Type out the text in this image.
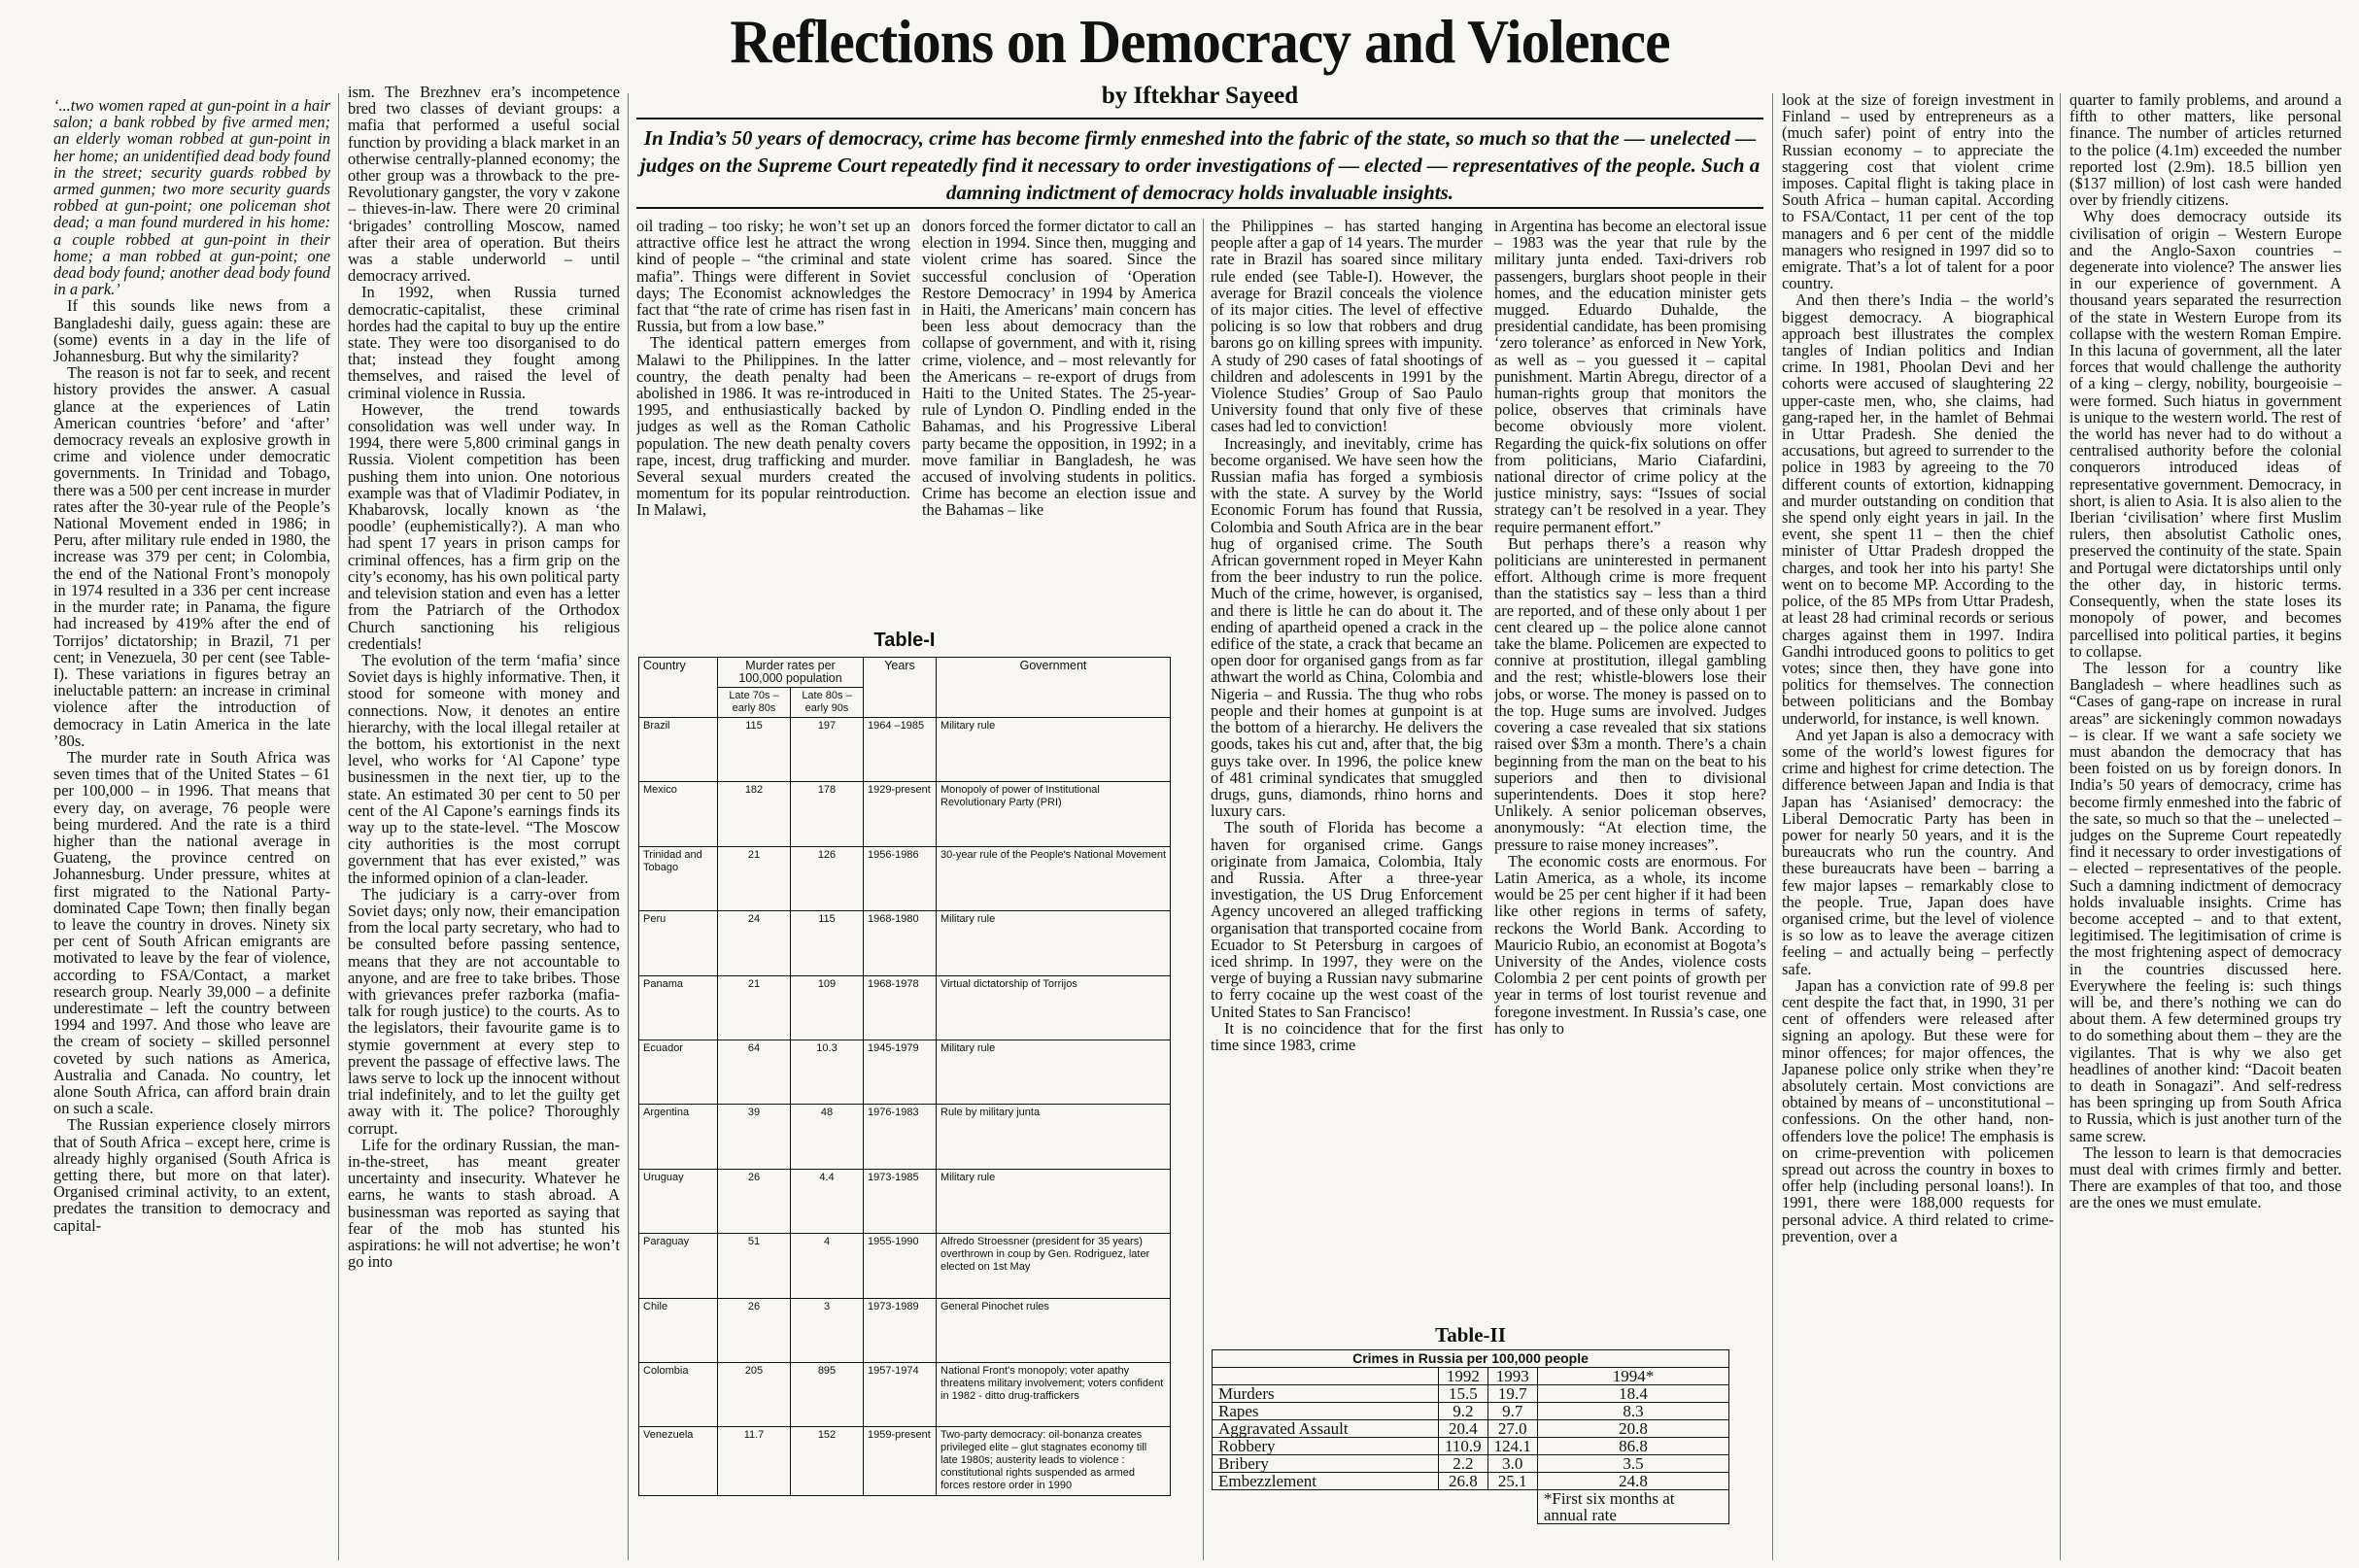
Reflections on Democracy and Violence
by Iftekhar Sayeed
In India’s 50 years of democracy, crime has become firmly enmeshed into the fabric of the state, so much so that the — unelected — judges on the Supreme Court repeatedly find it necessary to order investigations of — elected — representatives of the people. Such a damning indictment of democracy holds invaluable insights.

‘...two women raped at gun-point in a hair salon; a bank robbed by five armed men; an elderly woman robbed at gun-point in her home; an unidentified dead body found in the street; security guards robbed by armed gunmen; two more security guards robbed at gun-point; one policeman shot dead; a man found murdered in his home: a couple robbed at gun-point in their home; a man robbed at gun-point; one dead body found; another dead body found in a park.’

If this sounds like news from a Bangladeshi daily, guess again: these are (some) events in a day in the life of Johannesburg. But why the similarity?

The reason is not far to seek, and recent history provides the answer. A casual glance at the experiences of Latin American countries ‘before’ and ‘after’ democracy reveals an explosive growth in crime and violence under democratic governments. In Trinidad and Tobago, there was a 500 per cent increase in murder rates after the 30-year rule of the People’s National Movement ended in 1986; in Peru, after military rule ended in 1980, the increase was 379 per cent; in Colombia, the end of the National Front’s monopoly in 1974 resulted in a 336 per cent increase in the murder rate; in Panama, the figure had increased by 419% after the end of Torrijos’ dictatorship; in Brazil, 71 per cent; in Venezuela, 30 per cent (see Table-I). These variations in figures betray an ineluctable pattern: an increase in criminal violence after the introduction of democracy in Latin America in the late ’80s.

The murder rate in South Africa was seven times that of the United States – 61 per 100,000 – in 1996. That means that every day, on average, 76 people were being murdered. And the rate is a third higher than the national average in Guateng, the province centred on Johannesburg. Under pressure, whites at first migrated to the National Party-dominated Cape Town; then finally began to leave the country in droves. Ninety six per cent of South African emigrants are motivated to leave by the fear of violence, according to FSA/Contact, a market research group. Nearly 39,000 – a definite underestimate – left the country between 1994 and 1997. And those who leave are the cream of society – skilled personnel coveted by such nations as America, Australia and Canada. No country, let alone South Africa, can afford brain drain on such a scale.

The Russian experience closely mirrors that of South Africa – except here, crime is already highly organised (South Africa is getting there, but more on that later). Organised criminal activity, to an extent, predates the transition to democracy and capital-

ism. The Brezhnev era’s incompetence bred two classes of deviant groups: a mafia that performed a useful social function by providing a black market in an otherwise centrally-planned economy; the other group was a throwback to the pre-Revolutionary gangster, the vory v zakone – thieves-in-law. There were 20 criminal ‘brigades’ controlling Moscow, named after their area of operation. But theirs was a stable underworld – until democracy arrived.

In 1992, when Russia turned democratic-capitalist, these criminal hordes had the capital to buy up the entire state. They were too disorganised to do that; instead they fought among themselves, and raised the level of criminal violence in Russia.

However, the trend towards consolidation was well under way. In 1994, there were 5,800 criminal gangs in Russia. Violent competition has been pushing them into union. One notorious example was that of Vladimir Podiatev, in Khabarovsk, locally known as ‘the poodle’ (euphemistically?). A man who had spent 17 years in prison camps for criminal offences, has a firm grip on the city’s economy, has his own political party and television station and even has a letter from the Patriarch of the Orthodox Church sanctioning his religious credentials!

The evolution of the term ‘mafia’ since Soviet days is highly informative. Then, it stood for someone with money and connections. Now, it denotes an entire hierarchy, with the local illegal retailer at the bottom, his extortionist in the next level, who works for ‘Al Capone’ type businessmen in the next tier, up to the state. An estimated 30 per cent to 50 per cent of the Al Capone’s earnings finds its way up to the state-level. “The Moscow city authorities is the most corrupt government that has ever existed,” was the informed opinion of a clan-leader.

The judiciary is a carry-over from Soviet days; only now, their emancipation from the local party secretary, who had to be consulted before passing sentence, means that they are not accountable to anyone, and are free to take bribes. Those with grievances prefer razborka (mafia-talk for rough justice) to the courts. As to the legislators, their favourite game is to stymie government at every step to prevent the passage of effective laws. The laws serve to lock up the innocent without trial indefinitely, and to let the guilty get away with it. The police? Thoroughly corrupt.

Life for the ordinary Russian, the man-in-the-street, has meant greater uncertainty and insecurity. Whatever he earns, he wants to stash abroad. A businessman was reported as saying that fear of the mob has stunted his aspirations: he will not advertise; he won’t go into

oil trading – too risky; he won’t set up an attractive office lest he attract the wrong kind of people – “the criminal and state mafia”. Things were different in Soviet days; The Economist acknowledges the fact that “the rate of crime has risen fast in Russia, but from a low base.”

The identical pattern emerges from Malawi to the Philippines. In the latter country, the death penalty had been abolished in 1986. It was re-introduced in 1995, and enthusiastically backed by judges as well as the Roman Catholic population. The new death penalty covers rape, incest, drug trafficking and murder. Several sexual murders created the momentum for its popular reintroduction. In Malawi,

donors forced the former dictator to call an election in 1994. Since then, mugging and violent crime has soared. Since the successful conclusion of ‘Operation Restore Democracy’ in 1994 by America in Haiti, the Americans’ main concern has been less about democracy than the collapse of government, and with it, rising crime, violence, and – most relevantly for the Americans – re-export of drugs from Haiti to the United States. The 25-year-rule of Lyndon O. Pindling ended in the Bahamas, and his Progressive Liberal party became the opposition, in 1992; in a move familiar in Bangladesh, he was accused of involving students in politics. Crime has become an election issue and the Bahamas – like

the Philippines – has started hanging people after a gap of 14 years. The murder rate in Brazil has soared since military rule ended (see Table-I). However, the average for Brazil conceals the violence of its major cities. The level of effective policing is so low that robbers and drug barons go on killing sprees with impunity. A study of 290 cases of fatal shootings of children and adolescents in 1991 by the Violence Studies’ Group of Sao Paulo University found that only five of these cases had led to conviction!

Increasingly, and inevitably, crime has become organised. We have seen how the Russian mafia has forged a symbiosis with the state. A survey by the World Economic Forum has found that Russia, Colombia and South Africa are in the bear hug of organised crime. The South African government roped in Meyer Kahn from the beer industry to run the police. Much of the crime, however, is organised, and there is little he can do about it. The ending of apartheid opened a crack in the edifice of the state, a crack that became an open door for organised gangs from as far athwart the world as China, Colombia and Nigeria – and Russia. The thug who robs people and their homes at gunpoint is at the bottom of a hierarchy. He delivers the goods, takes his cut and, after that, the big guys take over. In 1996, the police knew of 481 criminal syndicates that smuggled drugs, guns, diamonds, rhino horns and luxury cars.

The south of Florida has become a haven for organised crime. Gangs originate from Jamaica, Colombia, Italy and Russia. After a three-year investigation, the US Drug Enforcement Agency uncovered an alleged trafficking organisation that transported cocaine from Ecuador to St Petersburg in cargoes of iced shrimp. In 1997, they were on the verge of buying a Russian navy submarine to ferry cocaine up the west coast of the United States to San Francisco!

It is no coincidence that for the first time since 1983, crime

in Argentina has become an electoral issue – 1983 was the year that rule by the military junta ended. Taxi-drivers rob passengers, burglars shoot people in their homes, and the education minister gets mugged. Eduardo Duhalde, the presidential candidate, has been promising ‘zero tolerance’ as enforced in New York, as well as – you guessed it – capital punishment. Martin Abregu, director of a human-rights group that monitors the police, observes that criminals have become obviously more violent. Regarding the quick-fix solutions on offer from politicians, Mario Ciafardini, national director of crime policy at the justice ministry, says: “Issues of social strategy can’t be resolved in a year. They require permanent effort.”

But perhaps there’s a reason why politicians are uninterested in permanent effort. Although crime is more frequent than the statistics say – less than a third are reported, and of these only about 1 per cent cleared up – the police alone cannot take the blame. Policemen are expected to connive at prostitution, illegal gambling and the rest; whistle-blowers lose their jobs, or worse. The money is passed on to the top. Huge sums are involved. Judges covering a case revealed that six stations raised over $3m a month. There’s a chain beginning from the man on the beat to his superiors and then to divisional superintendents. Does it stop here? Unlikely. A senior policeman observes, anonymously: “At election time, the pressure to raise money increases”.

The economic costs are enormous. For Latin America, as a whole, its income would be 25 per cent higher if it had been like other regions in terms of safety, reckons the World Bank. According to Mauricio Rubio, an economist at Bogota’s University of the Andes, violence costs Colombia 2 per cent points of growth per year in terms of lost tourist revenue and foregone investment. In Russia’s case, one has only to

look at the size of foreign investment in Finland – used by entrepreneurs as a (much safer) point of entry into the Russian economy – to appreciate the staggering cost that violent crime imposes. Capital flight is taking place in South Africa – human capital. According to FSA/Contact, 11 per cent of the top managers and 6 per cent of the middle managers who resigned in 1997 did so to emigrate. That’s a lot of talent for a poor country.

And then there’s India – the world’s biggest democracy. A biographical approach best illustrates the complex tangles of Indian politics and Indian crime. In 1981, Phoolan Devi and her cohorts were accused of slaughtering 22 upper-caste men, who, she claims, had gang-raped her, in the hamlet of Behmai in Uttar Pradesh. She denied the accusations, but agreed to surrender to the police in 1983 by agreeing to the 70 different counts of extortion, kidnapping and murder outstanding on condition that she spend only eight years in jail. In the event, she spent 11 – then the chief minister of Uttar Pradesh dropped the charges, and took her into his party! She went on to become MP. According to the police, of the 85 MPs from Uttar Pradesh, at least 28 had criminal records or serious charges against them in 1997. Indira Gandhi introduced goons to politics to get votes; since then, they have gone into politics for themselves. The connection between politicians and the Bombay underworld, for instance, is well known.

And yet Japan is also a democracy with some of the world’s lowest figures for crime and highest for crime detection. The difference between Japan and India is that Japan has ‘Asianised’ democracy: the Liberal Democratic Party has been in power for nearly 50 years, and it is the bureaucrats who run the country. And these bureaucrats have been – barring a few major lapses – remarkably close to the people. True, Japan does have organised crime, but the level of violence is so low as to leave the average citizen feeling – and actually being – perfectly safe.

Japan has a conviction rate of 99.8 per cent despite the fact that, in 1990, 31 per cent of offenders were released after signing an apology. But these were for minor offences; for major offences, the Japanese police only strike when they’re absolutely certain. Most convictions are obtained by means of – unconstitutional – confessions. On the other hand, non-offenders love the police! The emphasis is on crime-prevention with policemen spread out across the country in boxes to offer help (including personal loans!). In 1991, there were 188,000 requests for personal advice. A third related to crime-prevention, over a

quarter to family problems, and around a fifth to other matters, like personal finance. The number of articles returned to the police (4.1m) exceeded the number reported lost (2.9m). 18.5 billion yen ($137 million) of lost cash were handed over by friendly citizens.

Why does democracy outside its civilisation of origin – Western Europe and the Anglo-Saxon countries – degenerate into violence? The answer lies in our experience of government. A thousand years separated the resurrection of the state in Western Europe from its collapse with the western Roman Empire. In this lacuna of government, all the later forces that would challenge the authority of a king – clergy, nobility, bourgeoisie – were formed. Such hiatus in government is unique to the western world. The rest of the world has never had to do without a centralised authority before the colonial conquerors introduced ideas of representative government. Democracy, in short, is alien to Asia. It is also alien to the Iberian ‘civilisation’ where first Muslim rulers, then absolutist Catholic ones, preserved the continuity of the state. Spain and Portugal were dictatorships until only the other day, in historic terms. Consequently, when the state loses its monopoly of power, and becomes parcellised into political parties, it begins to collapse.

The lesson for a country like Bangladesh – where headlines such as “Cases of gang-rape on increase in rural areas” are sickeningly common nowadays – is clear. If we want a safe society we must abandon the democracy that has been foisted on us by foreign donors. In India’s 50 years of democracy, crime has become firmly enmeshed into the fabric of the sate, so much so that the – unelected – judges on the Supreme Court repeatedly find it necessary to order investigations of – elected – representatives of the people. Such a damning indictment of democracy holds invaluable insights. Crime has become accepted – and to that extent, legitimised. The legitimisation of crime is the most frightening aspect of democracy in the countries discussed here. Everywhere the feeling is: such things will be, and there’s nothing we can do about them. A few determined groups try to do something about them – they are the vigilantes. That is why we also get headlines of another kind: “Dacoit beaten to death in Sonagazi”. And self-redress has been springing up from South Africa to Russia, which is just another turn of the same screw.

The lesson to learn is that democracies must deal with crimes firmly and better. There are examples of that too, and those are the ones we must emulate.

Table-I
Country	Murder rates per 100,000 population		Years	Government
	Late 70s –early 80s	Late 80s –early 90s		
Brazil	115	197	1964 –1985	Military rule
Mexico	182	178	1929-present	Monopoly of power of Institutional Revolutionary Party (PRI)
Trinidad and Tobago	21	126	1956-1986	30-year rule of the People's National Movement
Peru	24	115	1968-1980	Military rule
Panama	21	109	1968-1978	Virtual dictatorship of Torrijos
Ecuador	64	10.3	1945-1979	Military rule
Argentina	39	48	1976-1983	Rule by military junta
Uruguay	26	4.4	1973-1985	Military rule
Paraguay	51	4	1955-1990	Alfredo Stroessner (president for 35 years) overthrown in coup by Gen. Rodriguez, later elected on 1st May
Chile	26	3	1973-1989	General Pinochet rules
Colombia	205	895	1957-1974	National Front's monopoly; voter apathy threatens military involvement; voters confident in 1982 - ditto drug-traffickers
Venezuela	11.7	152	1959-present	Two-party democracy: oil-bonanza creates privileged elite – glut stagnates economy till late 1980s; austerity leads to violence : constitutional rights suspended as armed forces restore order in 1990
Table-II
Crimes in Russia per 100,000 people			
	1992	1993	1994*
Murders	15.5	19.7	18.4
Rapes	9.2	9.7	8.3
Aggravated Assault	20.4	27.0	20.8
Robbery	110.9	124.1	86.8
Bribery	2.2	3.0	3.5
Embezzlement	26.8	25.1	24.8
			*First six months at annual rate
